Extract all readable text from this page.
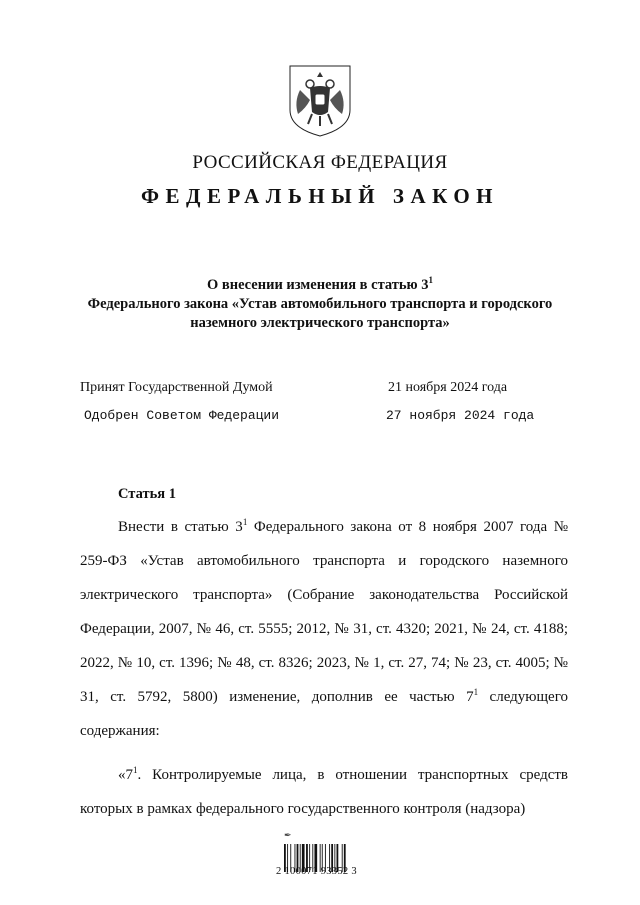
РОССИЙСКАЯ ФЕДЕРАЦИЯ
ФЕДЕРАЛЬНЫЙ ЗАКОН
О внесении изменения в статью $3^1$
Федерального закона «Устав автомобильного транспорта и городского
наземного электрического транспорта»
Принят Государственной Думой	21 ноября 2024 года
Одобрен Советом Федерации	27 ноября 2024 года
Статья 1
Внести в статью $3^1$ Федерального закона от 8 ноября 2007 года № 259-ФЗ «Устав автомобильного транспорта и городского наземного электрического транспорта» (Собрание законодательства Российской Федерации, 2007, № 46, ст. 5555; 2012, № 31, ст. 4320; 2021, № 24, ст. 4188; 2022, № 10, ст. 1396; № 48, ст. 8326; 2023, № 1, ст. 27, 74; № 23, ст. 4005; № 31, ст. 5792, 5800) изменение, дополнив ее частью $7^1$ следующего содержания:
«$7^1$. Контролируемые лица, в отношении транспортных средств которых в рамках федерального государственного контроля (надзора)
✒
2 100071 93352 3
